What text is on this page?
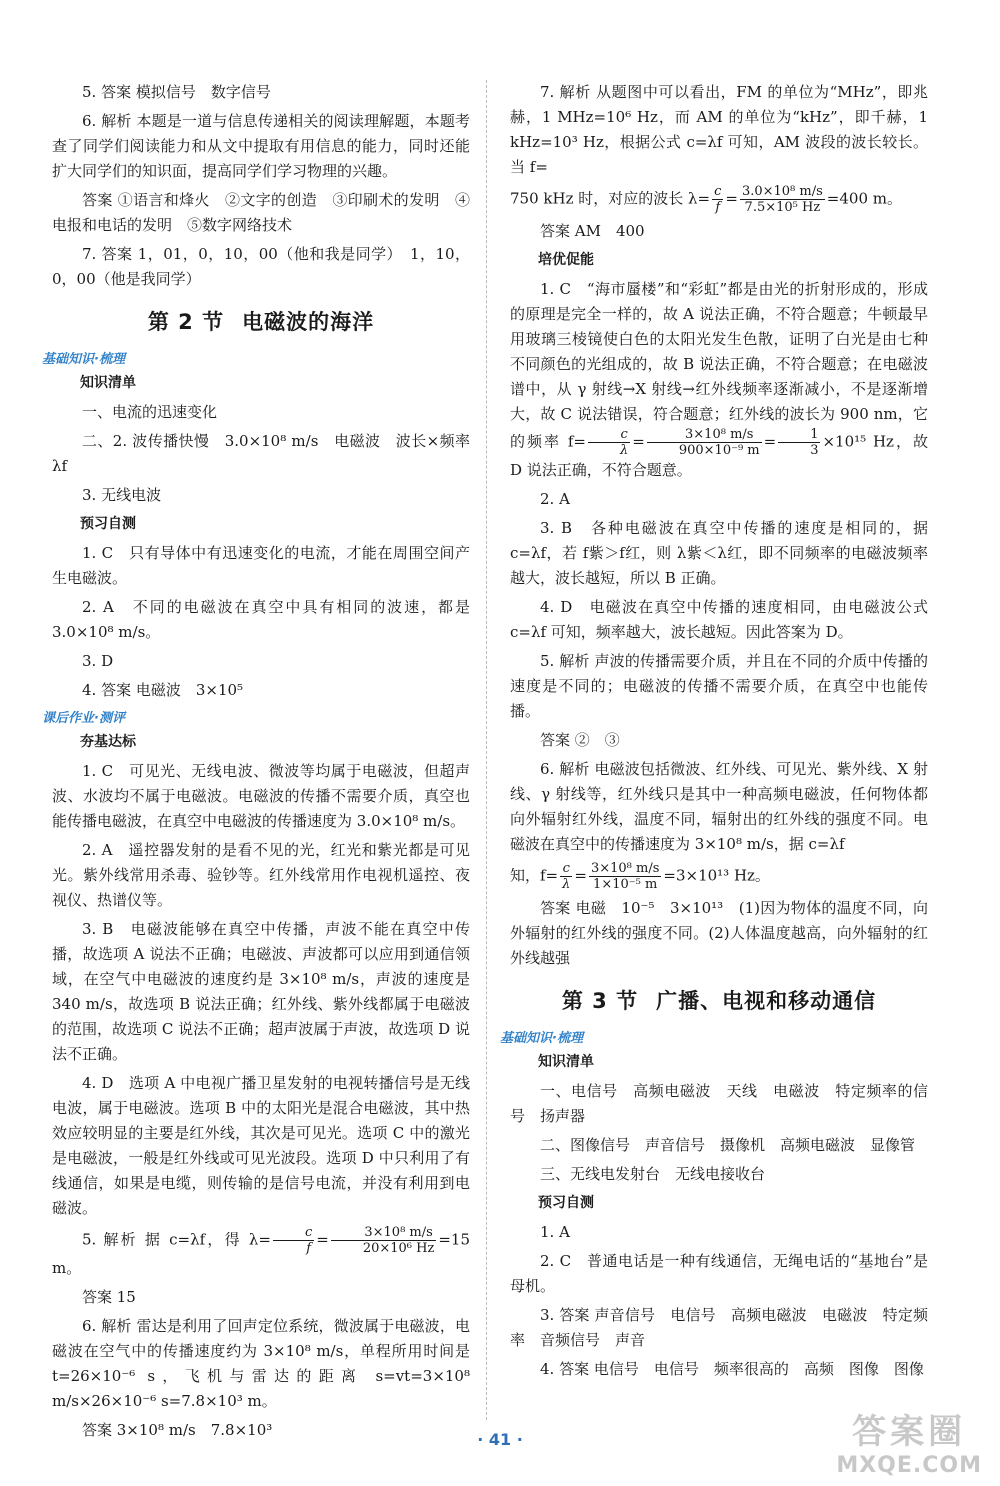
5. 答案 模拟信号　数字信号
6. 解析 本题是一道与信息传递相关的阅读理解题，本题考查了同学们阅读能力和从文中提取有用信息的能力，同时还能扩大同学们的知识面，提高同学们学习物理的兴趣。
答案 ①语言和烽火　②文字的创造　③印刷术的发明　④电报和电话的发明　⑤数字网络技术
7. 答案 1，01，0，10，00（他和我是同学）　1，10，0，00（他是我同学）
第 2 节 电磁波的海洋
基础知识·梳理
知识清单
一、电流的迅速变化
二、2. 波传播快慢　3.0×10⁸ m/s　电磁波　波长×频率　λf
3. 无线电波
预习自测
1. C　只有导体中有迅速变化的电流，才能在周围空间产生电磁波。
2. A　不同的电磁波在真空中具有相同的波速，都是 3.0×10⁸ m/s。
3. D
4. 答案 电磁波　3×10⁵
课后作业·测评
夯基达标
1. C　可见光、无线电波、微波等均属于电磁波，但超声波、水波均不属于电磁波。电磁波的传播不需要介质，真空也能传播电磁波，在真空中电磁波的传播速度为 3.0×10⁸ m/s。
2. A　遥控器发射的是看不见的光，红光和紫光都是可见光。紫外线常用杀毒、验钞等。红外线常用作电视机遥控、夜视仪、热谱仪等。
3. B　电磁波能够在真空中传播，声波不能在真空中传播，故选项 A 说法不正确；电磁波、声波都可以应用到通信领域，在空气中电磁波的速度约是 3×10⁸ m/s，声波的速度是 340 m/s，故选项 B 说法正确；红外线、紫外线都属于电磁波的范围，故选项 C 说法不正确；超声波属于声波，故选项 D 说法不正确。
4. D　选项 A 中电视广播卫星发射的电视转播信号是无线电波，属于电磁波。选项 B 中的太阳光是混合电磁波，其中热效应较明显的主要是红外线，其次是可见光。选项 C 中的激光是电磁波，一般是红外线或可见光波段。选项 D 中只利用了有线通信，如果是电缆，则传输的是信号电流，并没有利用到电磁波。
5. 解析 据 c=λf，得 $\lambda= \frac{c}{f} = \frac{\text{3×10⁸ m/s}}{\text{20×10⁶ Hz}} =15$ m。
答案 15
6. 解析 雷达是利用了回声定位系统，微波属于电磁波，电磁波在空气中的传播速度约为 3×10⁸ m/s，单程所用时间是 t=26×10⁻⁶ s，飞机与雷达的距离 s=vt=3×10⁸ m/s×26×10⁻⁶ s=7.8×10³ m。
答案 3×10⁸ m/s　7.8×10³
7. 解析 从题图中可以看出，FM 的单位为“MHz”，即兆赫，1 MHz=10⁶ Hz，而 AM 的单位为“kHz”，即千赫，1 kHz=10³ Hz，根据公式 c=λf 可知，AM 波段的波长较长。当 f=
750 kHz 时，对应的波长 $\lambda= \frac{c}{f} = \frac{\text{3.0×10⁸ m/s}}{\text{7.5×10⁵ Hz}} =400$ m。
答案 AM　400
培优促能
1. C　“海市蜃楼”和“彩虹”都是由光的折射形成的，形成的原理是完全一样的，故 A 说法正确，不符合题意；牛顿最早用玻璃三棱镜使白色的太阳光发生色散，证明了白光是由七种不同颜色的光组成的，故 B 说法正确，不符合题意；在电磁波谱中，从 γ 射线→X 射线→红外线频率逐渐减小，不是逐渐增大，故 C 说法错误，符合题意；红外线的波长为 900 nm，它的频率 $f= \frac{c}{\lambda} = \frac{\text{3×10⁸ m/s}}{\text{900×10⁻⁹ m}} = \frac{1}{3} \times 10^{15}$ Hz，故 D 说法正确，不符合题意。
2. A
3. B　各种电磁波在真空中传播的速度是相同的，据 c=λf，若 f紫＞f红，则 λ紫＜λ红，即不同频率的电磁波频率越大，波长越短，所以 B 正确。
4. D　电磁波在真空中传播的速度相同，由电磁波公式 c=λf 可知，频率越大，波长越短。因此答案为 D。
5. 解析 声波的传播需要介质，并且在不同的介质中传播的速度是不同的；电磁波的传播不需要介质，在真空中也能传播。
答案 ②　③
6. 解析 电磁波包括微波、红外线、可见光、紫外线、X 射线、γ 射线等，红外线只是其中一种高频电磁波，任何物体都向外辐射红外线，温度不同，辐射出的红外线的强度不同。电磁波在真空中的传播速度为 3×10⁸ m/s，据 c=λf
知，$f= \frac{c}{\lambda} = \frac{\text{3×10⁸ m/s}}{\text{1×10⁻⁵ m}} =3\times 10^{13}$ Hz。
答案 电磁　10⁻⁵　3×10¹³　(1)因为物体的温度不同，向外辐射的红外线的强度不同。(2)人体温度越高，向外辐射的红外线越强
第 3 节 广播、电视和移动通信
基础知识·梳理
知识清单
一、电信号　高频电磁波　天线　电磁波　特定频率的信号　扬声器
二、图像信号　声音信号　摄像机　高频电磁波　显像管
三、无线电发射台　无线电接收台
预习自测
1. A
2. C　普通电话是一种有线通信，无绳电话的“基地台”是母机。
3. 答案 声音信号　电信号　高频电磁波　电磁波　特定频率　音频信号　声音
4. 答案 电信号　电信号　频率很高的　高频　图像　图像
· 41 ·	答案圈
MXQE.COM
